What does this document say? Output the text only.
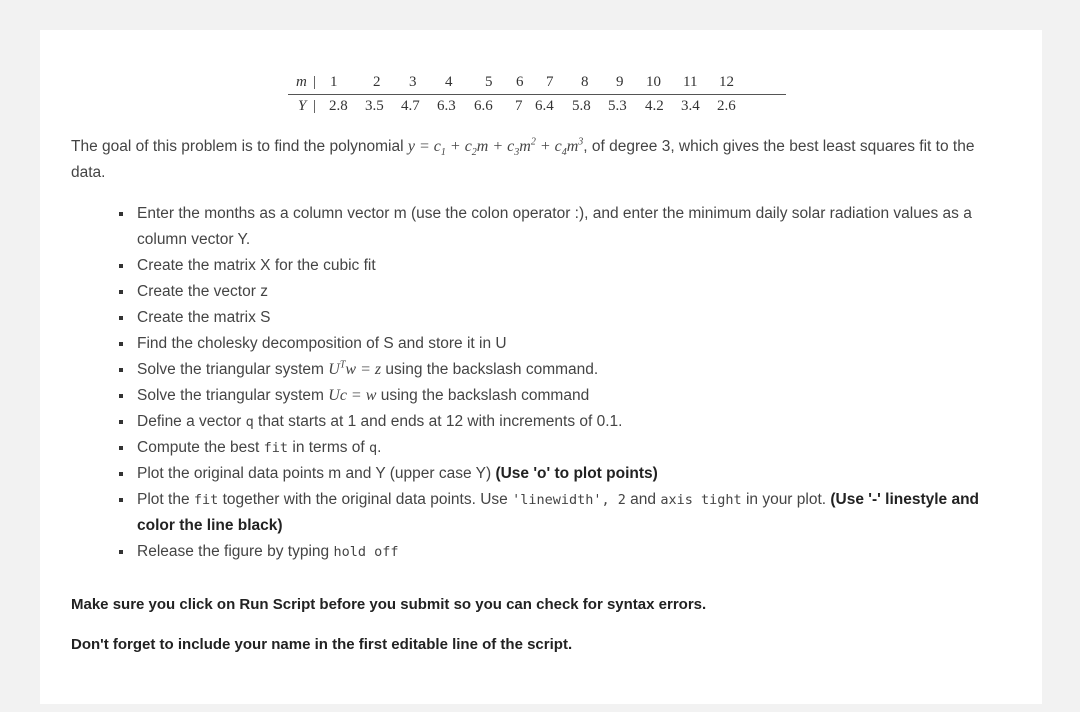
m | 1 2 3 4 5 6 7 8 9 10 11 12
Y | 2.8 3.5 4.7 6.3 6.6 7 6.4 5.8 5.3 4.2 3.4 2.6
The goal of this problem is to find the polynomial $y = c_1 + c_2m + c_3m^2 + c_4m^3$, of degree 3, which gives the best least squares fit to the data.
Enter the months as a column vector m (use the colon operator :), and enter the minimum daily solar radiation values as a column vector Y.
Create the matrix X for the cubic fit
Create the vector z
Create the matrix S
Find the cholesky decomposition of S and store it in U
Solve the triangular system $U^Tw = z$ using the backslash command.
Solve the triangular system Uc = w using the backslash command
Define a vector q that starts at 1 and ends at 12 with increments of 0.1.
Compute the best fit in terms of q.
Plot the original data points m and Y (upper case Y) (Use 'o' to plot points)
Plot the fit together with the original data points. Use 'linewidth', 2 and axis tight in your plot. (Use '-' linestyle and color the line black)
Release the figure by typing hold off
Make sure you click on Run Script before you submit so you can check for syntax errors.
Don't forget to include your name in the first editable line of the script.
